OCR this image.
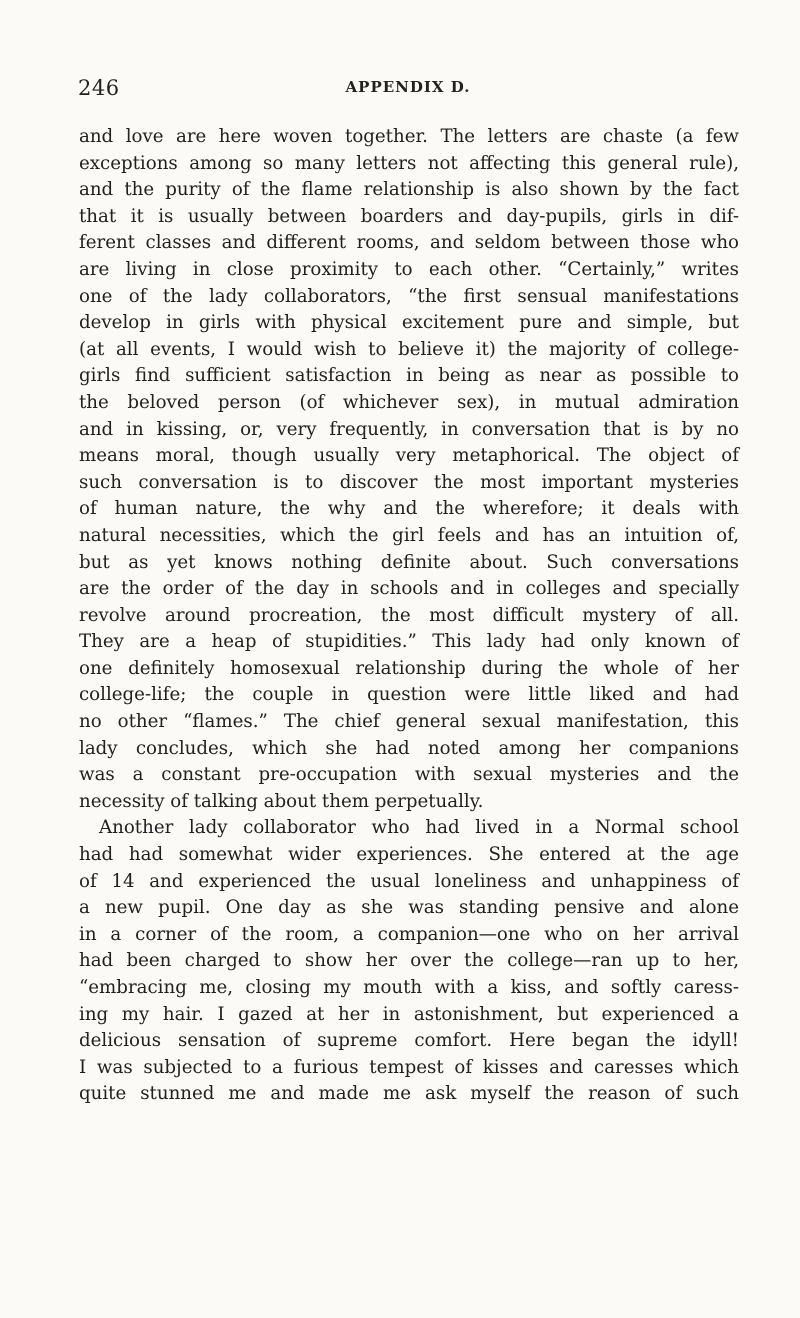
246	APPENDIX D.
and love are here woven together. The letters are chaste (a few
exceptions among so many letters not affecting this general rule),
and the purity of the flame relationship is also shown by the fact
that it is usually between boarders and day-pupils, girls in dif-
ferent classes and different rooms, and seldom between those who
are living in close proximity to each other. “Certainly,” writes
one of the lady collaborators, “the first sensual manifestations
develop in girls with physical excitement pure and simple, but
(at all events, I would wish to believe it) the majority of college-
girls find sufficient satisfaction in being as near as possible to
the beloved person (of whichever sex), in mutual admiration
and in kissing, or, very frequently, in conversation that is by no
means moral, though usually very metaphorical. The object of
such conversation is to discover the most important mysteries
of human nature, the why and the wherefore; it deals with
natural necessities, which the girl feels and has an intuition of,
but as yet knows nothing definite about. Such conversations
are the order of the day in schools and in colleges and specially
revolve around procreation, the most difficult mystery of all.
They are a heap of stupidities.” This lady had only known of
one definitely homosexual relationship during the whole of her
college-life; the couple in question were little liked and had
no other “flames.” The chief general sexual manifestation, this
lady concludes, which she had noted among her companions
was a constant pre-occupation with sexual mysteries and the
necessity of talking about them perpetually.
Another lady collaborator who had lived in a Normal school
had had somewhat wider experiences. She entered at the age
of 14 and experienced the usual loneliness and unhappiness of
a new pupil. One day as she was standing pensive and alone
in a corner of the room, a companion—one who on her arrival
had been charged to show her over the college—ran up to her,
“embracing me, closing my mouth with a kiss, and softly caress-
ing my hair. I gazed at her in astonishment, but experienced a
delicious sensation of supreme comfort. Here began the idyll!
I was subjected to a furious tempest of kisses and caresses which
quite stunned me and made me ask myself the reason of such
